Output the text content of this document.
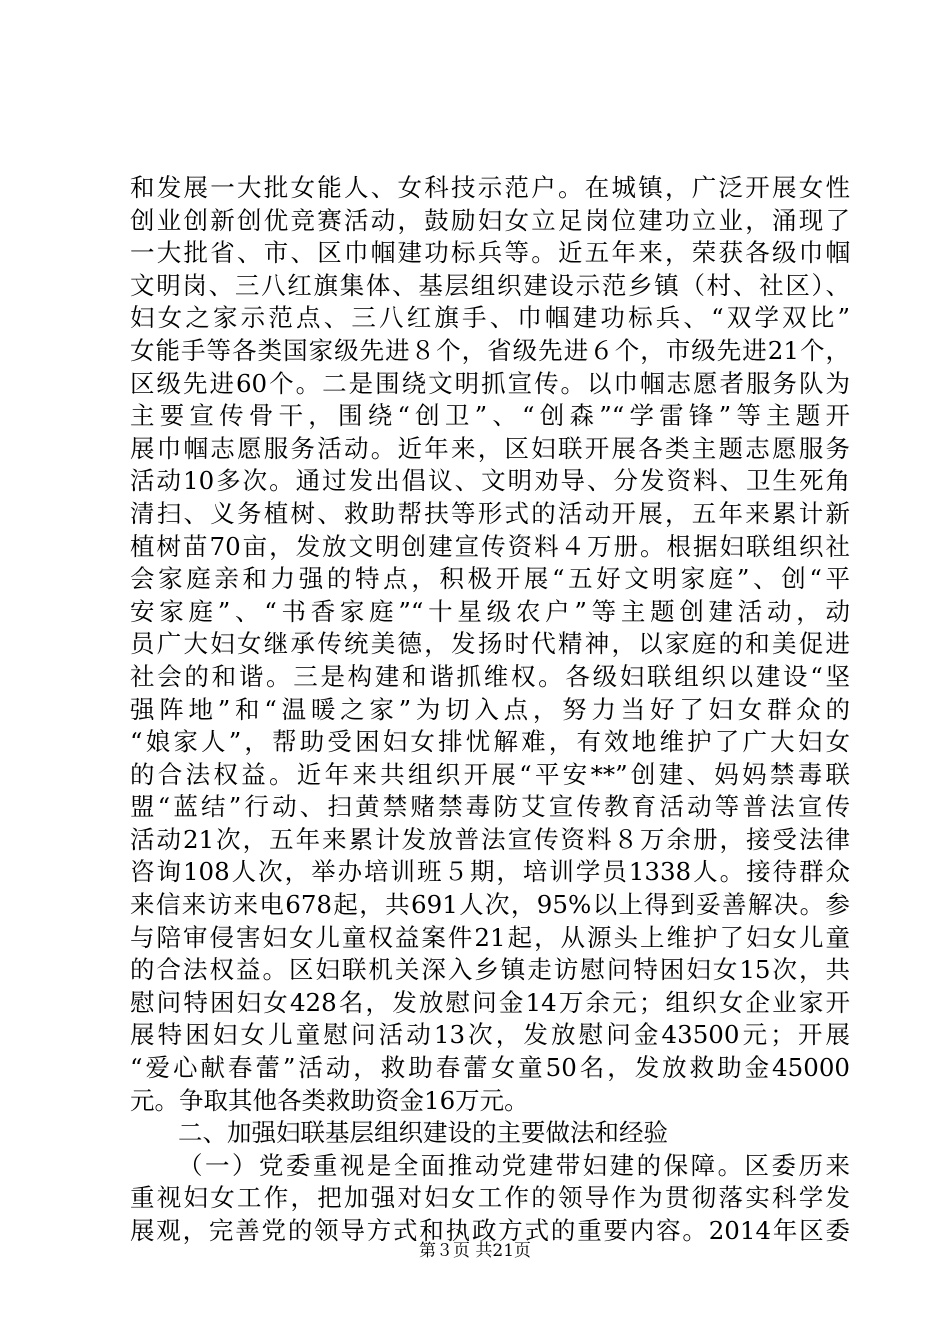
和发展一大批女能人、女科技示范户。在城镇，广泛开展女性
创业创新创优竞赛活动，鼓励妇女立足岗位建功立业，涌现了
一大批省、市、区巾帼建功标兵等。近五年来，荣获各级巾帼
文明岗、三八红旗集体、基层组织建设示范乡镇（村、社区）、
妇女之家示范点、三八红旗手、巾帼建功标兵、“双学双比”
女能手等各类国家级先进８个，省级先进６个，市级先进21个，
区级先进60个。二是围绕文明抓宣传。以巾帼志愿者服务队为
主要宣传骨干，围绕“创卫”、“创森”“学雷锋”等主题开
展巾帼志愿服务活动。近年来，区妇联开展各类主题志愿服务
活动10多次。通过发出倡议、文明劝导、分发资料、卫生死角
清扫、义务植树、救助帮扶等形式的活动开展，五年来累计新
植树苗70亩，发放文明创建宣传资料４万册。根据妇联组织社
会家庭亲和力强的特点，积极开展“五好文明家庭”、创“平
安家庭”、“书香家庭”“十星级农户”等主题创建活动，动
员广大妇女继承传统美德，发扬时代精神，以家庭的和美促进
社会的和谐。三是构建和谐抓维权。各级妇联组织以建设“坚
强阵地”和“温暖之家”为切入点，努力当好了妇女群众的
“娘家人”，帮助受困妇女排忧解难，有效地维护了广大妇女
的合法权益。近年来共组织开展“平安**”创建、妈妈禁毒联
盟“蓝结”行动、扫黄禁赌禁毒防艾宣传教育活动等普法宣传
活动21次，五年来累计发放普法宣传资料８万余册，接受法律
咨询108人次，举办培训班５期，培训学员1338人。接待群众
来信来访来电678起，共691人次，95%以上得到妥善解决。参
与陪审侵害妇女儿童权益案件21起，从源头上维护了妇女儿童
的合法权益。区妇联机关深入乡镇走访慰问特困妇女15次，共
慰问特困妇女428名，发放慰问金14万余元；组织女企业家开
展特困妇女儿童慰问活动13次，发放慰问金43500元；开展
“爱心献春蕾”活动，救助春蕾女童50名，发放救助金45000
元。争取其他各类救助资金16万元。
二、加强妇联基层组织建设的主要做法和经验
（一）党委重视是全面推动党建带妇建的保障。区委历来
重视妇女工作，把加强对妇女工作的领导作为贯彻落实科学发
展观，完善党的领导方式和执政方式的重要内容。2014年区委
第３页 共21页
